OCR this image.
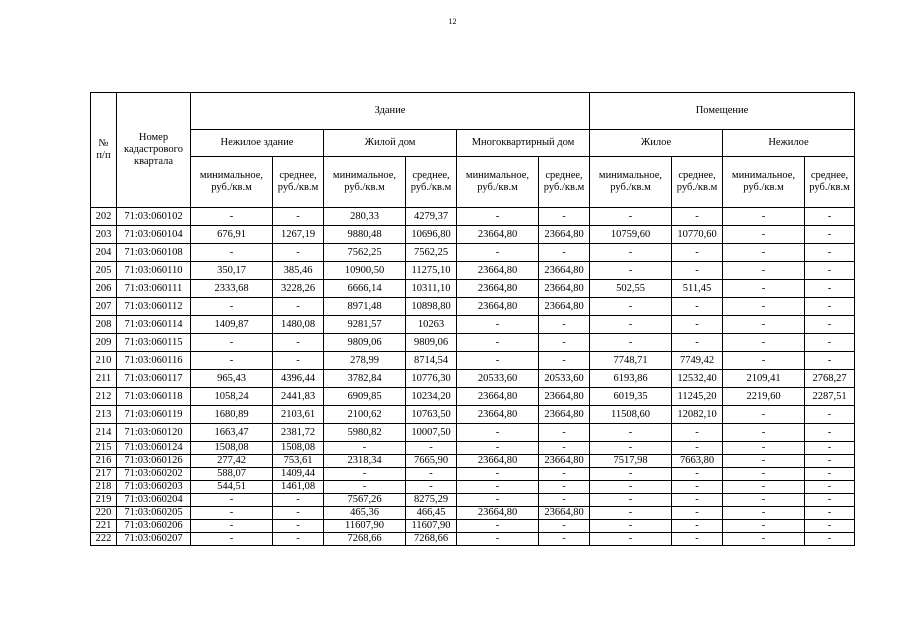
12
№ п/п	Номер кадастрового квартала	Здание						Помещение			
		Нежилое здание		Жилой дом		Многоквартирный дом		Жилое		Нежилое	
		минимальное, руб./кв.м	среднее, руб./кв.м	минимальное, руб./кв.м	среднее, руб./кв.м	минимальное, руб./кв.м	среднее, руб./кв.м	минимальное, руб./кв.м	среднее, руб./кв.м	минимальное, руб./кв.м	среднее, руб./кв.м
202	71:03:060102	-	-	280,33	4279,37	-	-	-	-	-	-
203	71:03:060104	676,91	1267,19	9880,48	10696,80	23664,80	23664,80	10759,60	10770,60	-	-
204	71:03:060108	-	-	7562,25	7562,25	-	-	-	-	-	-
205	71:03:060110	350,17	385,46	10900,50	11275,10	23664,80	23664,80	-	-	-	-
206	71:03:060111	2333,68	3228,26	6666,14	10311,10	23664,80	23664,80	502,55	511,45	-	-
207	71:03:060112	-	-	8971,48	10898,80	23664,80	23664,80	-	-	-	-
208	71:03:060114	1409,87	1480,08	9281,57	10263	-	-	-	-	-	-
209	71:03:060115	-	-	9809,06	9809,06	-	-	-	-	-	-
210	71:03:060116	-	-	278,99	8714,54	-	-	7748,71	7749,42	-	-
211	71:03:060117	965,43	4396,44	3782,84	10776,30	20533,60	20533,60	6193,86	12532,40	2109,41	2768,27
212	71:03:060118	1058,24	2441,83	6909,85	10234,20	23664,80	23664,80	6019,35	11245,20	2219,60	2287,51
213	71:03:060119	1680,89	2103,61	2100,62	10763,50	23664,80	23664,80	11508,60	12082,10	-	-
214	71:03:060120	1663,47	2381,72	5980,82	10007,50	-	-	-	-	-	-
215	71:03:060124	1508,08	1508,08	-	-	-	-	-	-	-	-
216	71:03:060126	277,42	753,61	2318,34	7665,90	23664,80	23664,80	7517,98	7663,80	-	-
217	71:03:060202	588,07	1409,44	-	-	-	-	-	-	-	-
218	71:03:060203	544,51	1461,08	-	-	-	-	-	-	-	-
219	71:03:060204	-	-	7567,26	8275,29	-	-	-	-	-	-
220	71:03:060205	-	-	465,36	466,45	23664,80	23664,80	-	-	-	-
221	71:03:060206	-	-	11607,90	11607,90	-	-	-	-	-	-
222	71:03:060207	-	-	7268,66	7268,66	-	-	-	-	-	-
